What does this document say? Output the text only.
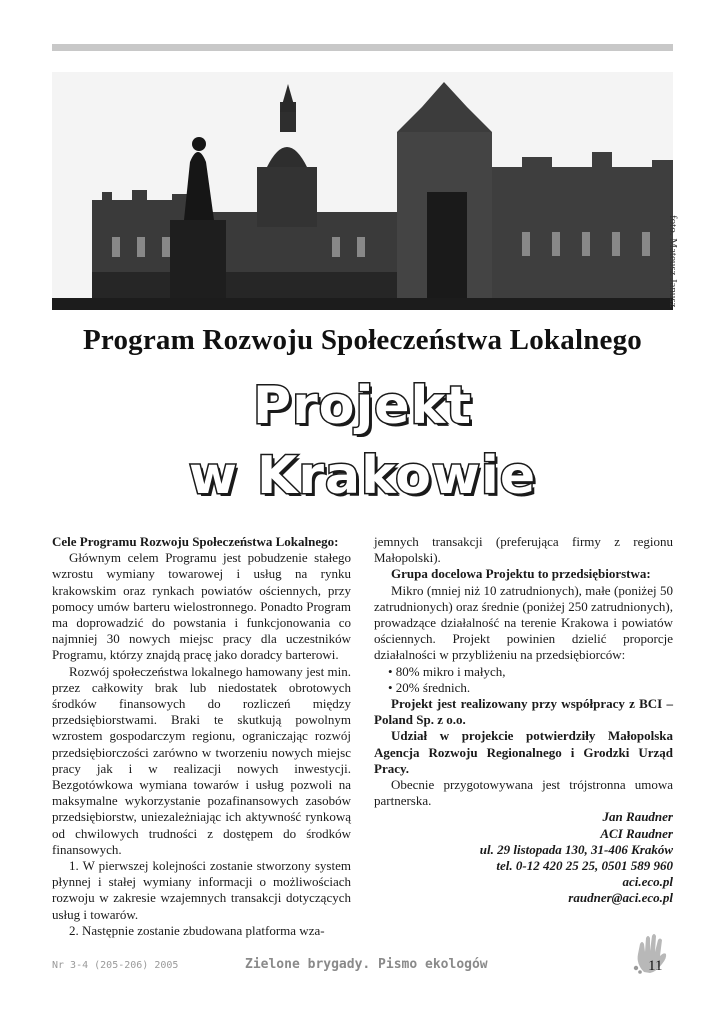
foto. Mateusz Janusz
Program Rozwoju Społeczeństwa Lokalnego
Projekt
w Krakowie

Cele Programu Rozwoju Społeczeństwa Lokalnego:

Głównym celem Programu jest pobudzenie stałego wzrostu wymiany towarowej i usług na rynku krakowskim oraz rynkach powiatów ościennych, przy pomocy umów barteru wielostronnego. Ponadto Program ma doprowadzić do powstania i funkcjonowania co najmniej 30 nowych miejsc pracy dla uczestników Programu, którzy znajdą pracę jako doradcy barterowi.

Rozwój społeczeństwa lokalnego hamowany jest min. przez całkowity brak lub niedostatek obrotowych środków finansowych do rozliczeń między przedsiębiorstwami. Braki te skutkują powolnym wzrostem gospodarczym regionu, ograniczając rozwój przedsiębiorczości zarówno w tworzeniu nowych miejsc pracy jak i w realizacji nowych inwestycji. Bezgotówkowa wymiana towarów i usług pozwoli na maksymalne wykorzystanie pozafinansowych zasobów przedsiębiorstw, uniezależniając ich aktywność rynkową od chwilowych trudności z dostępem do środków finansowych.

1. W pierwszej kolejności zostanie stworzony system płynnej i stałej wymiany informacji o możliwościach rozwoju w zakresie wzajemnych transakcji dotyczących usług i towarów.

2. Następnie zostanie zbudowana platforma wza-

jemnych transakcji (preferująca firmy z regionu Małopolski).

Grupa docelowa Projektu to przedsiębiorstwa:

Mikro (mniej niż 10 zatrudnionych), małe (poniżej 50 zatrudnionych) oraz średnie (poniżej 250 zatrudnionych), prowadzące działalność na terenie Krakowa i powiatów ościennych. Projekt powinien dzielić proporcje działalności w przybliżeniu na przedsiębiorców:

• 80% mikro i małych,

• 20% średnich.

Projekt jest realizowany przy współpracy z BCI – Poland Sp. z o.o.

Udział w projekcie potwierdziły Małopolska Agencja Rozwoju Regionalnego i Grodzki Urząd Pracy.

Obecnie przygotowywana jest trójstronna umowa partnerska.

Jan Raudner

ACI Raudner

ul. 29 listopada 130, 31-406 Kraków

tel. 0-12 420 25 25, 0501 589 960

aci.eco.pl

raudner@aci.eco.pl

Nr 3-4 (205-206) 2005	Zielone brygady. Pismo ekologów	11
